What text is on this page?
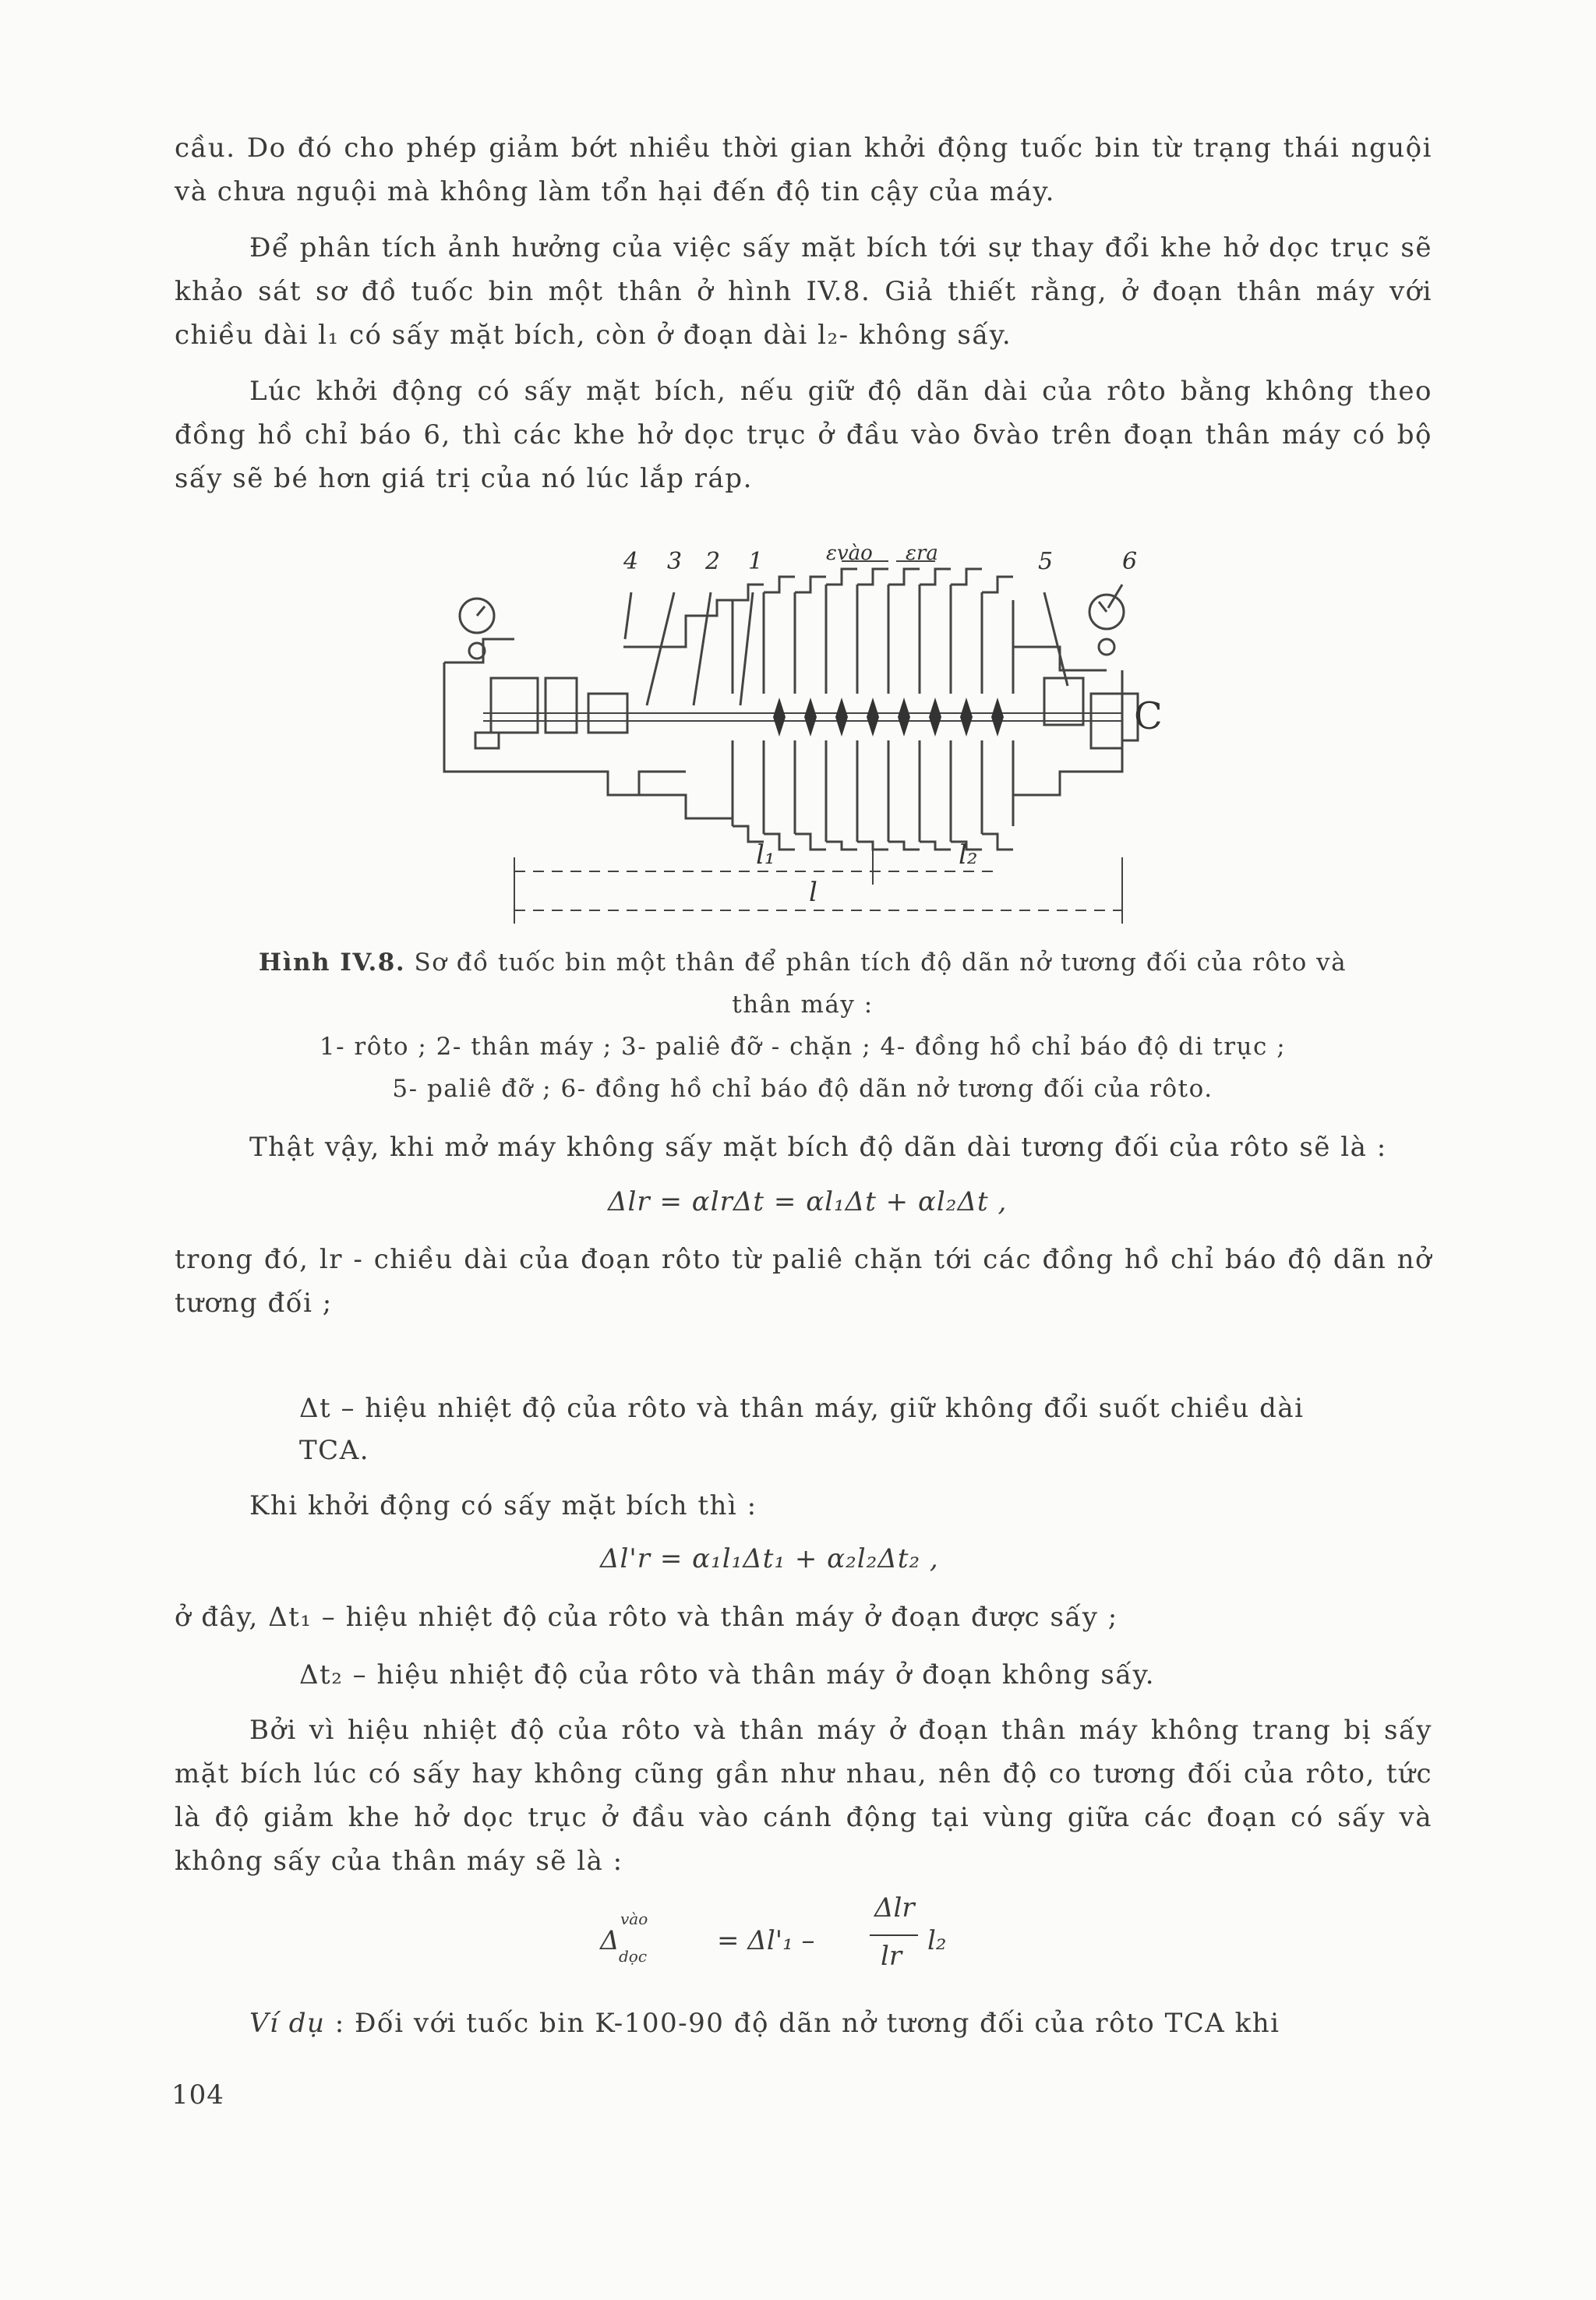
cầu. Do đó cho phép giảm bớt nhiều thời gian khởi động tuốc bin từ trạng thái nguội và chưa nguội mà không làm tổn hại đến độ tin cậy của máy.

Để phân tích ảnh hưởng của việc sấy mặt bích tới sự thay đổi khe hở dọc trục sẽ khảo sát sơ đồ tuốc bin một thân ở hình IV.8. Giả thiết rằng, ở đoạn thân máy với chiều dài l₁ có sấy mặt bích, còn ở đoạn dài l₂- không sấy.

Lúc khởi động có sấy mặt bích, nếu giữ độ dãn dài của rôto bằng không theo đồng hồ chỉ báo 6, thì các khe hở dọc trục ở đầu vào δvào trên đoạn thân máy có bộ sấy sẽ bé hơn giá trị của nó lúc lắp ráp.

4 3 2 1	εvào εra	5	6
l₁	l₂
l
C

Hình IV.8. Sơ đồ tuốc bin một thân để phân tích độ dãn nở tương đối của rôto và thân máy :
1- rôto ; 2- thân máy ; 3- paliê đỡ - chặn ; 4- đồng hồ chỉ báo độ di trục ;
5- paliê đỡ ; 6- đồng hồ chỉ báo độ dãn nở tương đối của rôto.

Thật vậy, khi mở máy không sấy mặt bích độ dãn dài tương đối của rôto sẽ là :

Δlr = αlrΔt = αl₁Δt + αl₂Δt ,

trong đó, lr - chiều dài của đoạn rôto từ paliê chặn tới các đồng hồ chỉ báo độ dãn nở tương đối ;

Δt – hiệu nhiệt độ của rôto và thân máy, giữ không đổi suốt chiều dài TCA.

Khi khởi động có sấy mặt bích thì :

Δl'r = α₁l₁Δt₁ + α₂l₂Δt₂ ,

ở đây, Δt₁ – hiệu nhiệt độ của rôto và thân máy ở đoạn được sấy ;

Δt₂ – hiệu nhiệt độ của rôto và thân máy ở đoạn không sấy.

Bởi vì hiệu nhiệt độ của rôto và thân máy ở đoạn thân máy không trang bị sấy mặt bích lúc có sấy hay không cũng gần như nhau, nên độ co tương đối của rôto, tức là độ giảm khe hở dọc trục ở đầu vào cánh động tại vùng giữa các đoạn có sấy và không sấy của thân máy sẽ là :

Δ
vào
dọc	= Δl'₁ –
Δlr
lr l₂

Ví dụ : Đối với tuốc bin K-100-90 độ dãn nở tương đối của rôto TCA khi

104
